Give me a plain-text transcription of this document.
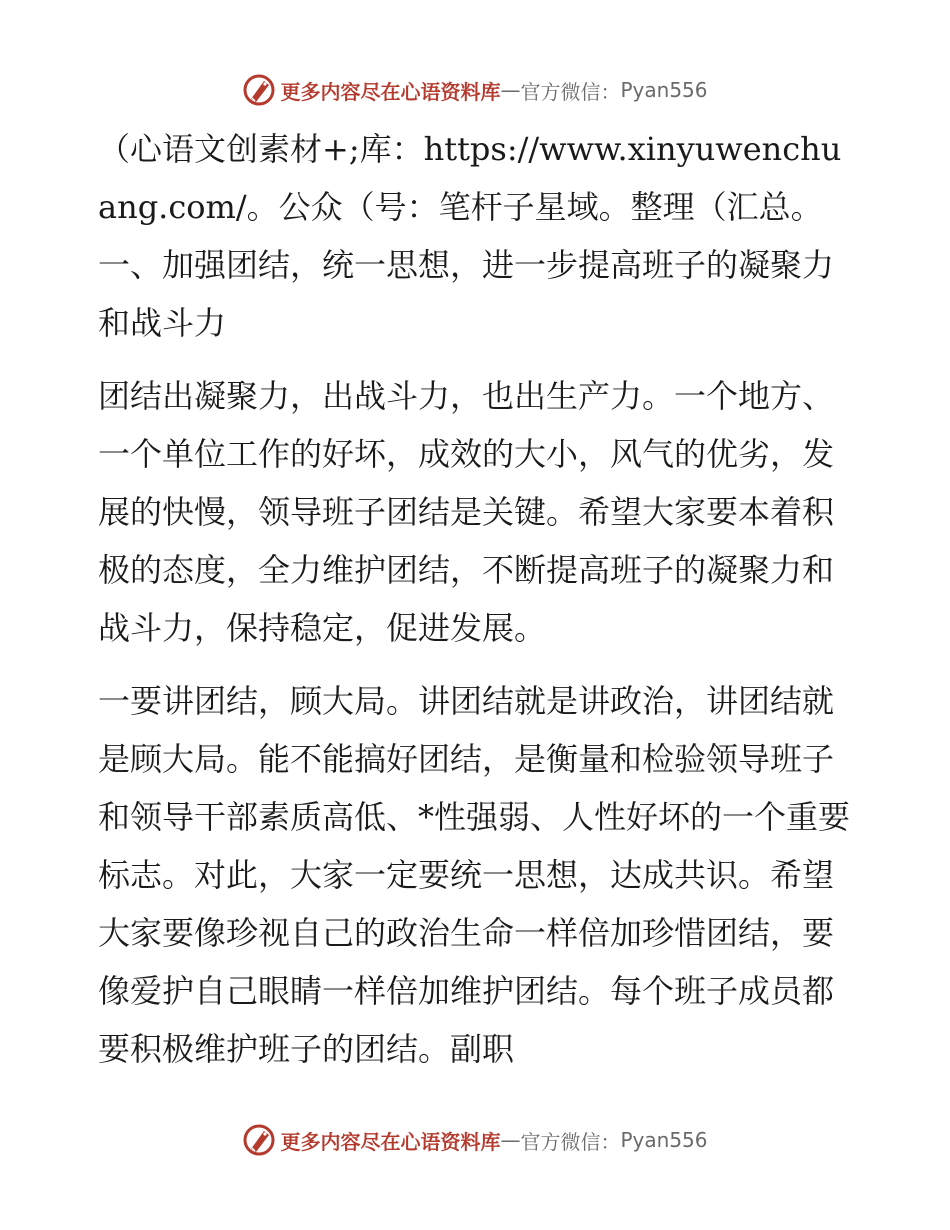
更多内容尽在心语资料库 — 官方微信： Pyan556

（心语文创素材+;库：https://www.xinyuwenchuang.com/。公众（号：笔杆子星域。整理（汇总。一、加强团结，统一思想，进一步提高班子的凝聚力和战斗力

团结出凝聚力，出战斗力，也出生产力。一个地方、一个单位工作的好坏，成效的大小，风气的优劣，发展的快慢，领导班子团结是关键。希望大家要本着积极的态度，全力维护团结，不断提高班子的凝聚力和战斗力，保持稳定，促进发展。

一要讲团结，顾大局。讲团结就是讲政治，讲团结就是顾大局。能不能搞好团结，是衡量和检验领导班子和领导干部素质高低、*性强弱、人性好坏的一个重要标志。对此，大家一定要统一思想，达成共识。希望大家要像珍视自己的政治生命一样倍加珍惜团结，要像爱护自己眼睛一样倍加维护团结。每个班子成员都要积极维护班子的团结。副职

更多内容尽在心语资料库 — 官方微信： Pyan556
